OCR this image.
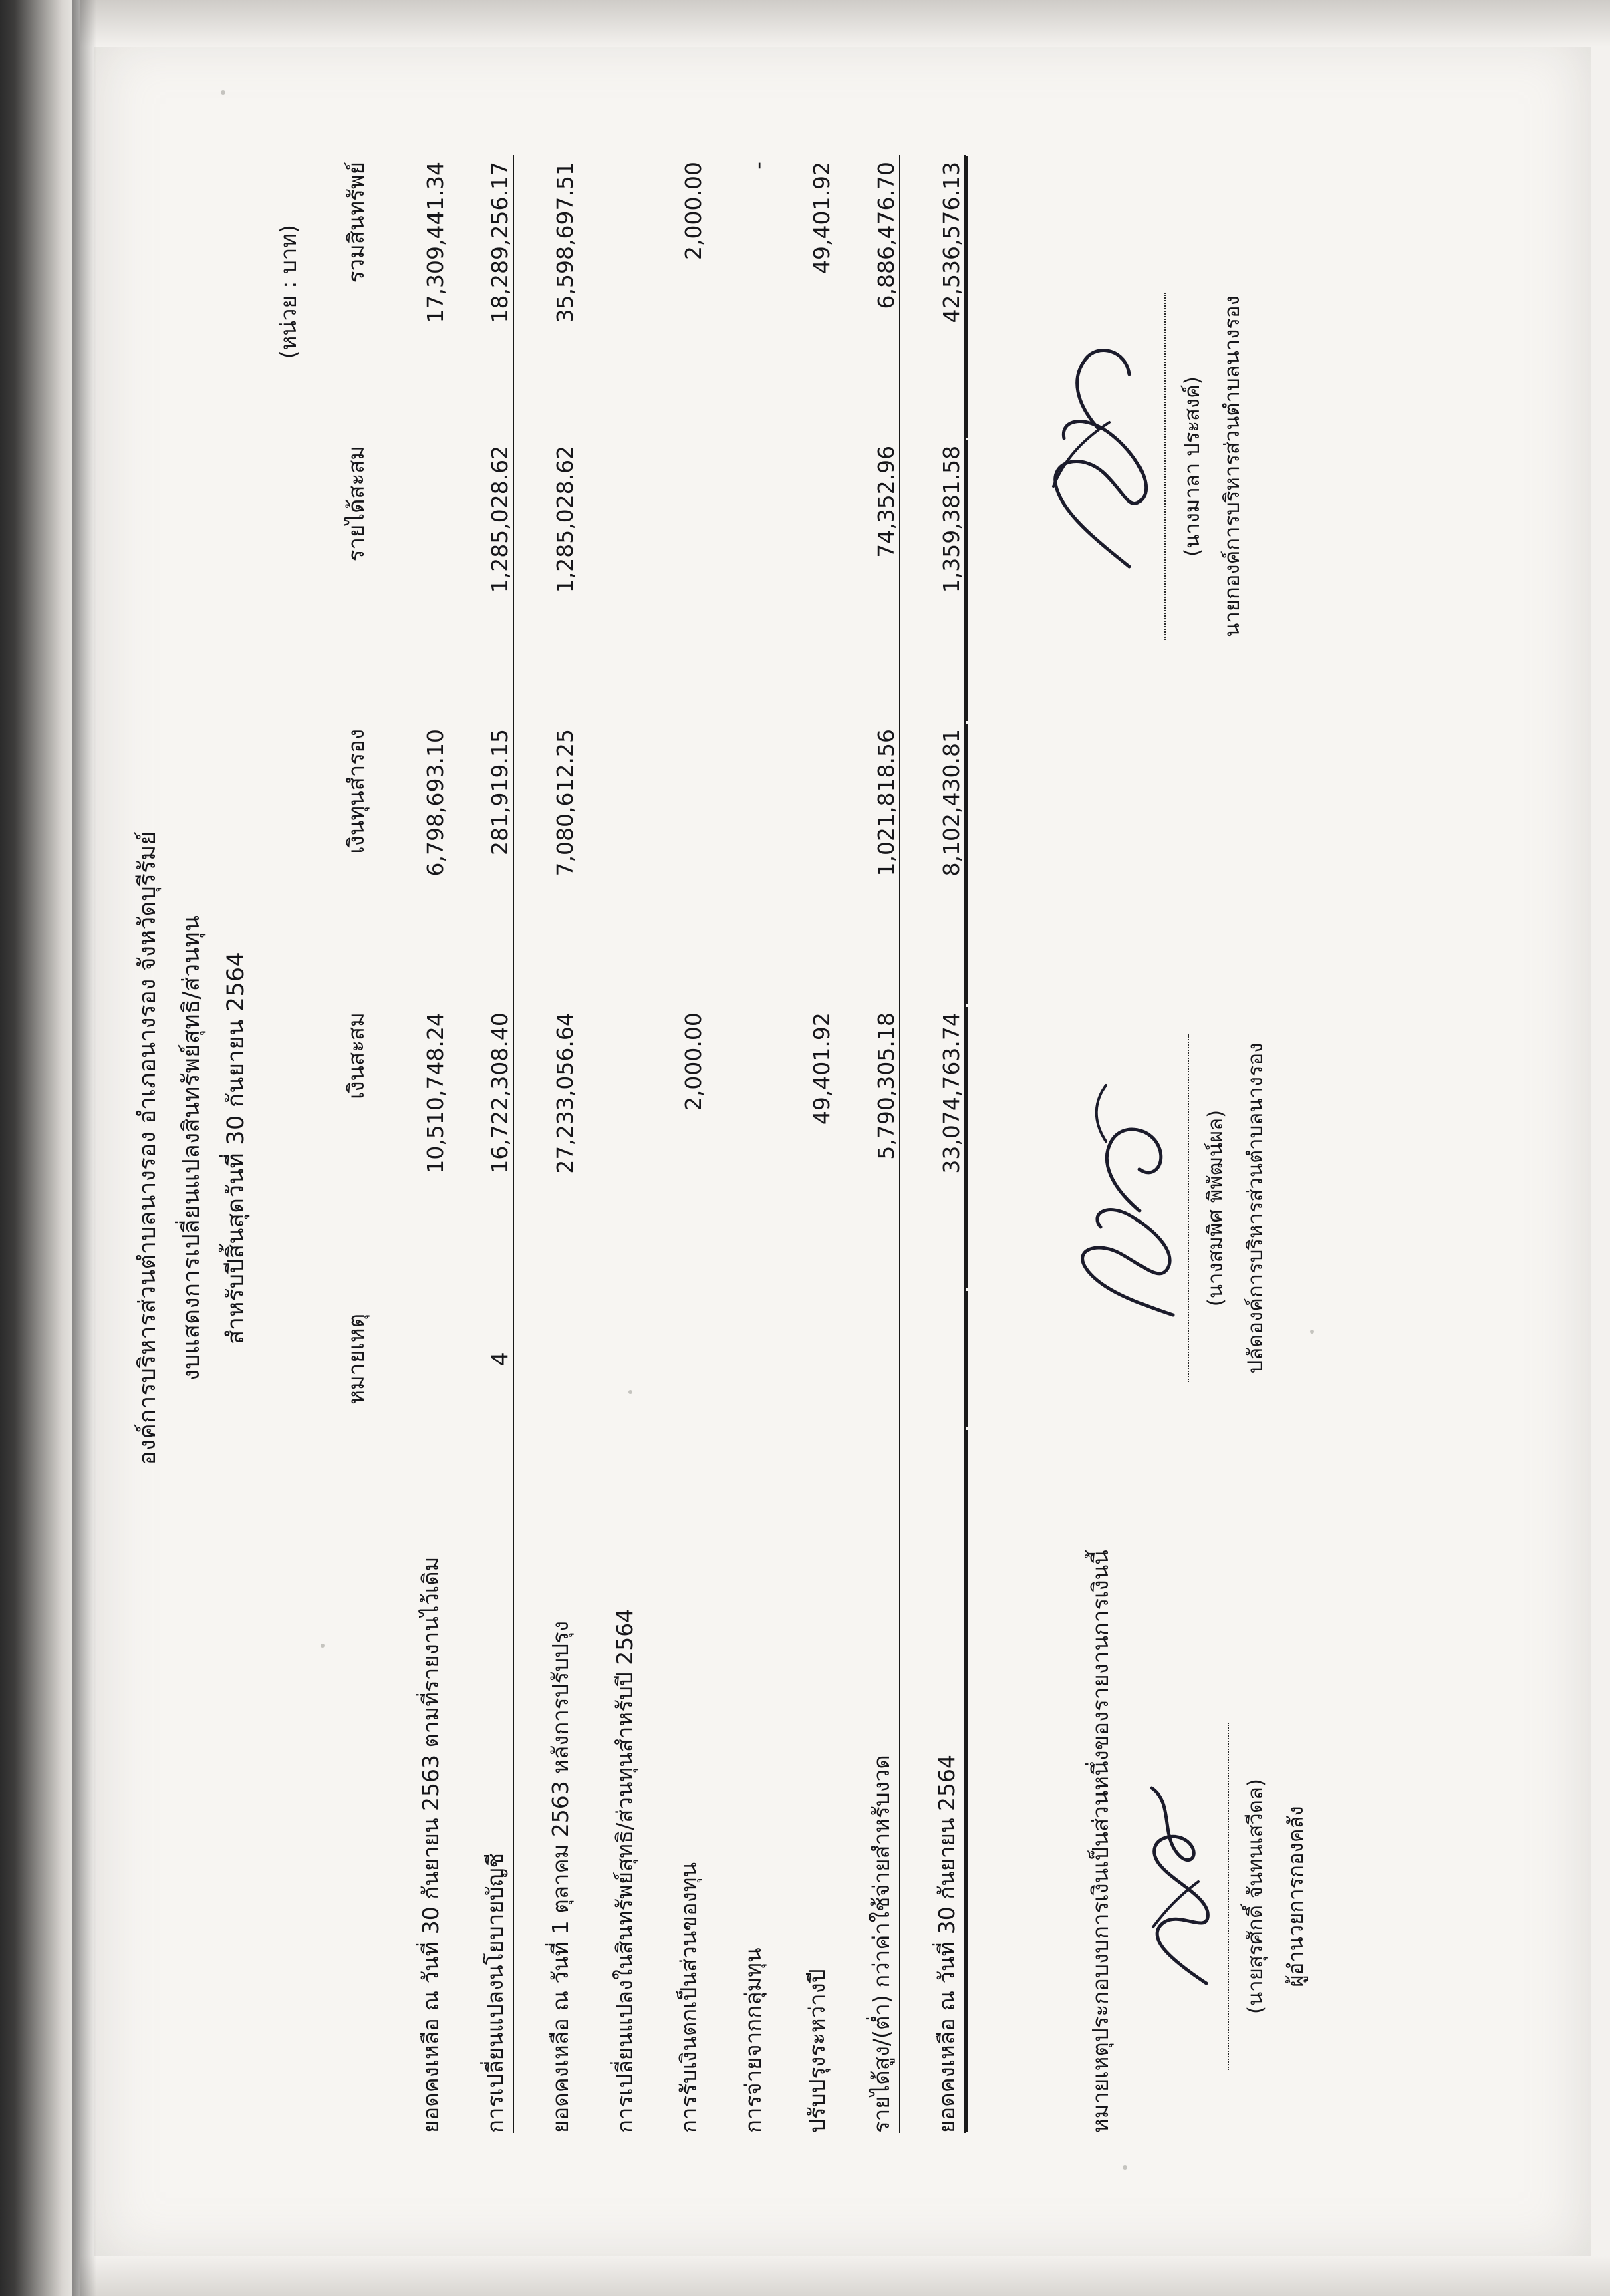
องค์การบริหารส่วนตำบลนางรอง อำเภอนางรอง จังหวัดบุรีรัมย์ งบแสดงการเปลี่ยนแปลงสินทรัพย์สุทธิ/ส่วนทุน สำหรับปีสิ้นสุดวันที่ 30 กันยายน 2564
(หน่วย : บาท)
	หมายเหตุ	เงินสะสม	เงินทุนสำรอง	รายได้สะสม	รวมสินทรัพย์
ยอดคงเหลือ ณ วันที่ 30 กันยายน 2563 ตามที่รายงานไว้เดิม		10,510,748.24	6,798,693.10		17,309,441.34
การเปลี่ยนแปลงนโยบายบัญชี	4	16,722,308.40	281,919.15	1,285,028.62	18,289,256.17
ยอดคงเหลือ ณ วันที่ 1 ตุลาคม 2563 หลังการปรับปรุง		27,233,056.64	7,080,612.25	1,285,028.62	35,598,697.51
การเปลี่ยนแปลงในสินทรัพย์สุทธิ/ส่วนทุนสำหรับปี 2564					
การรับเงินตกเป็นส่วนของทุน		2,000.00			2,000.00
การจ่ายจากกลุ่มทุน					-
ปรับปรุงระหว่างปี		49,401.92			49,401.92
รายได้สูง/(ต่ำ) กว่าค่าใช้จ่ายสำหรับงวด		5,790,305.18	1,021,818.56	74,352.96	6,886,476.70
ยอดคงเหลือ ณ วันที่ 30 กันยายน 2564		33,074,763.74	8,102,430.81	1,359,381.58	42,536,576.13
หมายเหตุประกอบงบการเงินเป็นส่วนหนึ่งของรายงานการเงินนี้	(นายสุรศักดิ์ จันทนเสวีดล) ผู้อำนวยการกองคลัง
(นางสมพิศ พิพัฒน์ผล) ปลัดองค์การบริหารส่วนตำบลนางรอง
(นางมาลา ประสงค์) นายกองค์การบริหารส่วนตำบลนางรอง
